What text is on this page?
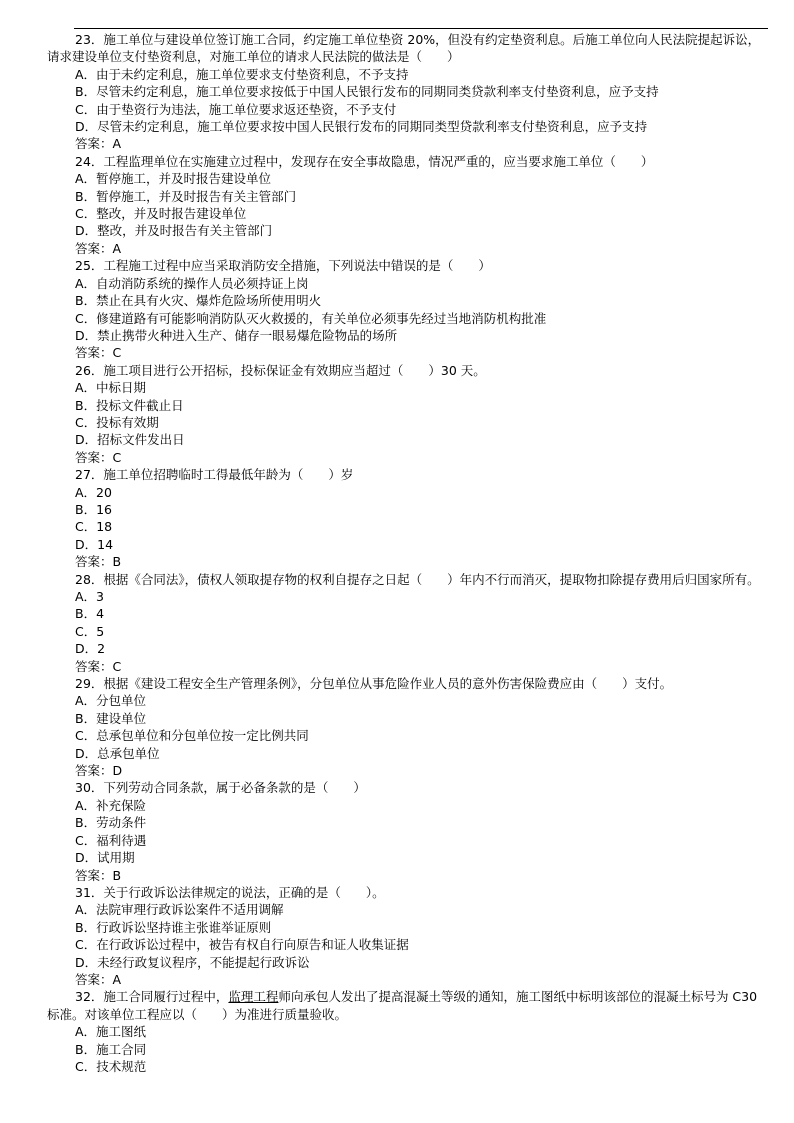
23．施工单位与建设单位签订施工合同，约定施工单位垫资 20%，但没有约定垫资利息。后施工单位向人民法院提起诉讼，请求建设单位支付垫资利息，对施工单位的请求人民法院的做法是（　　）
A．由于未约定利息，施工单位要求支付垫资利息，不予支持
B．尽管未约定利息，施工单位要求按低于中国人民银行发布的同期同类贷款利率支付垫资利息，应予支持
C．由于垫资行为违法，施工单位要求返还垫资，不予支付
D．尽管未约定利息，施工单位要求按中国人民银行发布的同期同类型贷款利率支付垫资利息，应予支持
答案：A
24．工程监理单位在实施建立过程中，发现存在安全事故隐患，情况严重的，应当要求施工单位（　　）
A．暂停施工，并及时报告建设单位
B．暂停施工，并及时报告有关主管部门
C．整改，并及时报告建设单位
D．整改，并及时报告有关主管部门
答案：A
25．工程施工过程中应当采取消防安全措施，下列说法中错误的是（　　）
A．自动消防系统的操作人员必须持证上岗
B．禁止在具有火灾、爆炸危险场所使用明火
C．修建道路有可能影响消防队灭火救援的，有关单位必须事先经过当地消防机构批准
D．禁止携带火种进入生产、储存一眼易爆危险物品的场所
答案：C
26．施工项目进行公开招标，投标保证金有效期应当超过（　　）30 天。
A．中标日期
B．投标文件截止日
C．投标有效期
D．招标文件发出日
答案：C
27．施工单位招聘临时工得最低年龄为（　　）岁
A．20
B．16
C．18
D．14
答案：B
28．根据《合同法》，债权人领取提存物的权利自提存之日起（　　）年内不行而消灭，提取物扣除提存费用后归国家所有。
A．3
B．4
C．5
D．2
答案：C
29．根据《建设工程安全生产管理条例》，分包单位从事危险作业人员的意外伤害保险费应由（　　）支付。
A．分包单位
B．建设单位
C．总承包单位和分包单位按一定比例共同
D．总承包单位
答案：D
30．下列劳动合同条款，属于必备条款的是（　　）
A．补充保险
B．劳动条件
C．福利待遇
D．试用期
答案：B
31．关于行政诉讼法律规定的说法，正确的是（　　）。
A．法院审理行政诉讼案件不适用调解
B．行政诉讼坚持谁主张谁举证原则
C．在行政诉讼过程中，被告有权自行向原告和证人收集证据
D．未经行政复议程序，不能提起行政诉讼
答案：A
32．施工合同履行过程中，监理工程师向承包人发出了提高混凝土等级的通知，施工图纸中标明该部位的混凝土标号为 C30 标准。对该单位工程应以（　　）为准进行质量验收。
A．施工图纸
B．施工合同
C．技术规范
